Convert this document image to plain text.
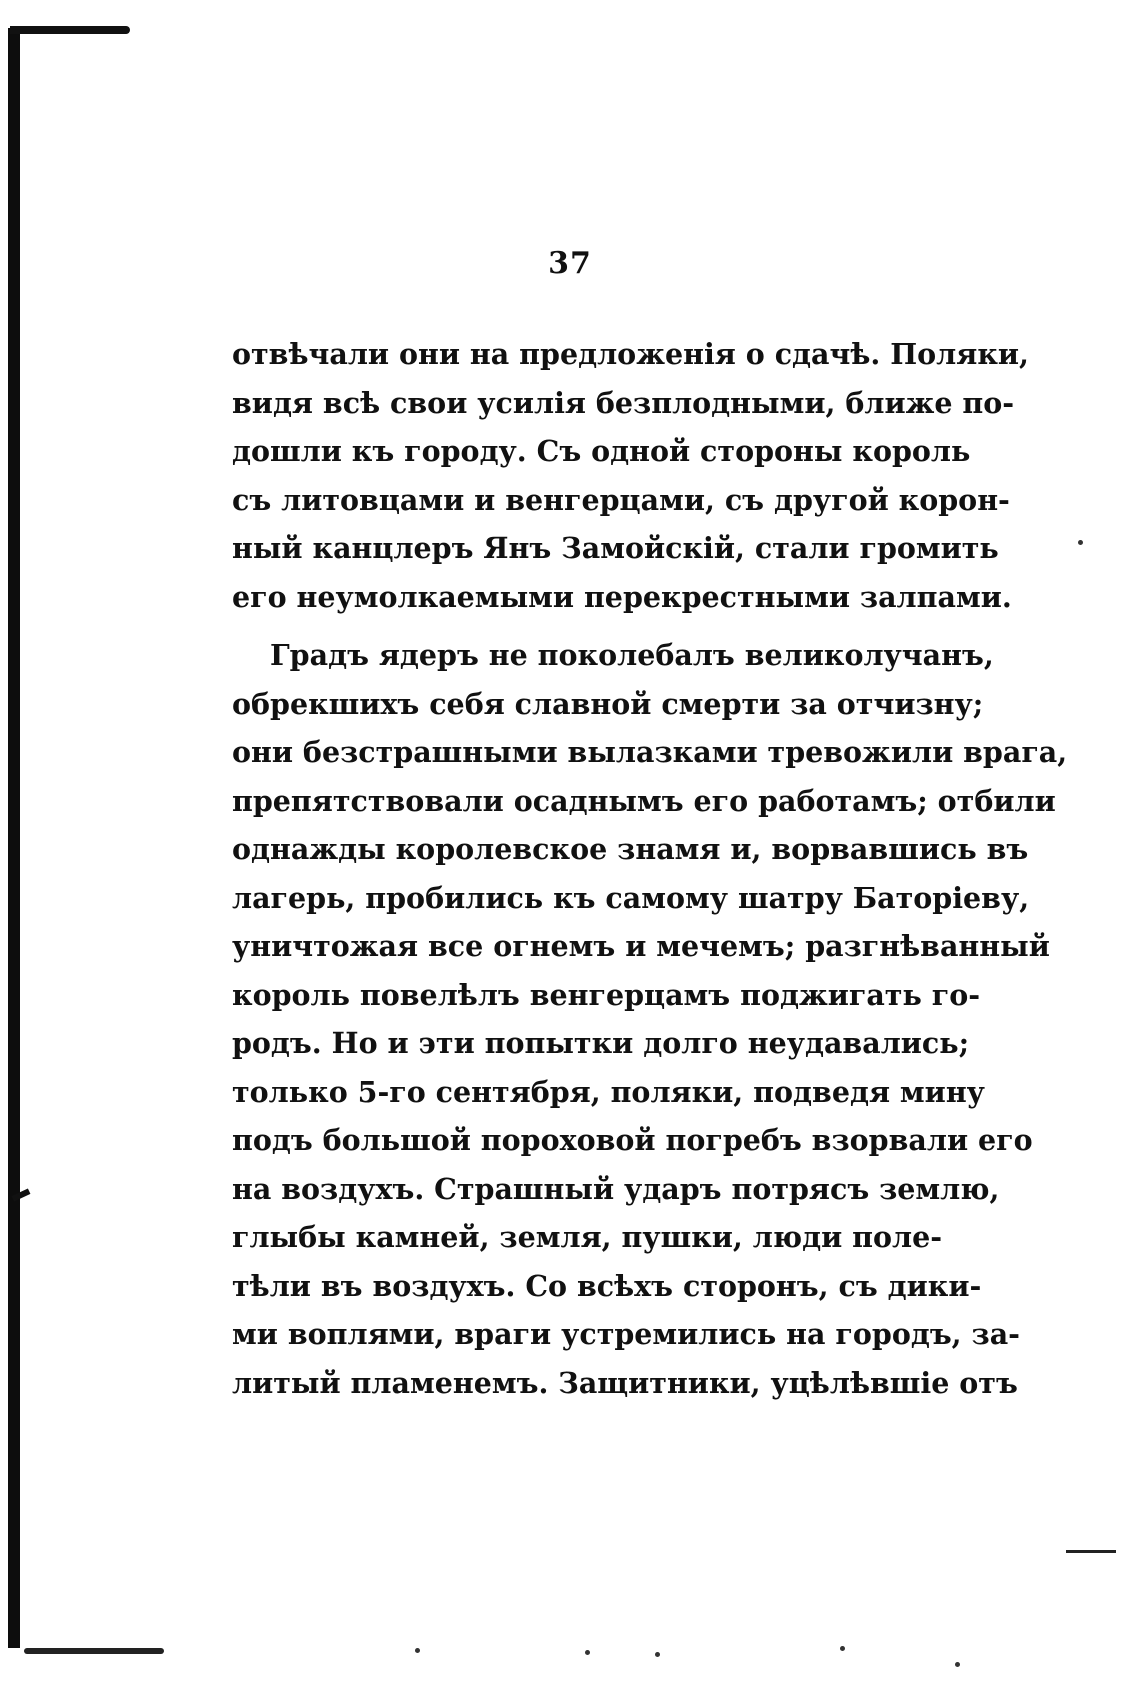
37
отвѣчали они на предложенія о сдачѣ. Поляки,
видя всѣ свои усилія безплодными, ближе по-
дошли къ городу. Съ одной стороны король
съ литовцами и венгерцами, съ другой корон-
ный канцлеръ Янъ Замойскій, стали громить
его неумолкаемыми перекрестными залпами.
Градъ ядеръ не поколебалъ великолучанъ,
обрекшихъ себя славной смерти за отчизну;
они безстрашными вылазками тревожили врага,
препятствовали осаднымъ его работамъ; отбили
однажды королевское знамя и, ворвавшись въ
лагерь, пробились къ самому шатру Баторіеву,
уничтожая все огнемъ и мечемъ; разгнѣванный
король повелѣлъ венгерцамъ поджигать го-
родъ. Но и эти попытки долго неудавались;
только 5-го сентября, поляки, подведя мину
подъ большой пороховой погребъ взорвали его
на воздухъ. Страшный ударъ потрясъ землю,
глыбы камней, земля, пушки, люди поле-
тѣли въ воздухъ. Со всѣхъ сторонъ, съ дики-
ми воплями, враги устремились на городъ, за-
литый пламенемъ. Защитники, уцѣлѣвшіе отъ
